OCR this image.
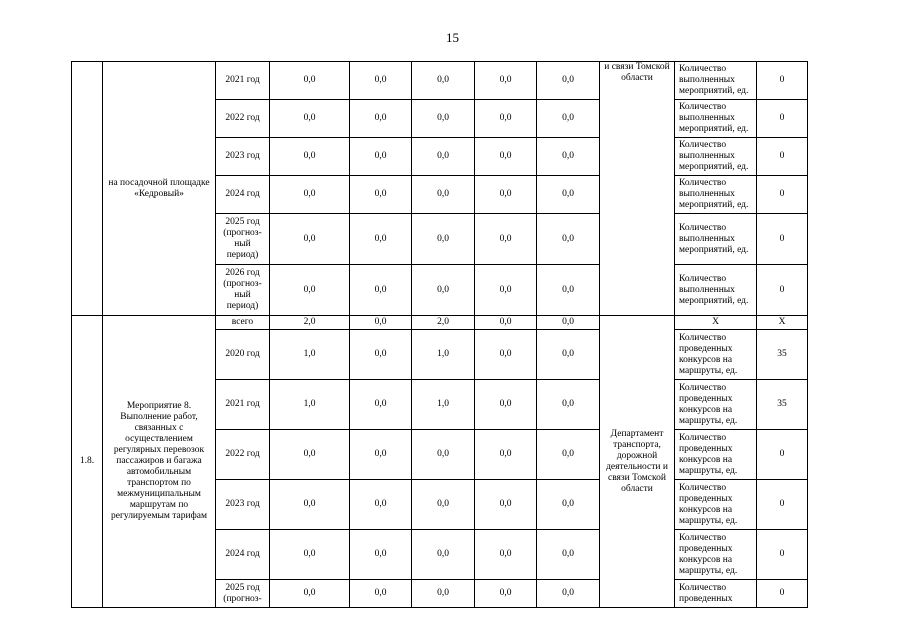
15
	на посадочной площадке «Кедровый»	2021 год	0,0	0,0	0,0	0,0	0,0	и связи Томской области	Количество выполненных мероприятий, ед.	0
		2022 год	0,0	0,0	0,0	0,0	0,0		Количество выполненных мероприятий, ед.	0
		2023 год	0,0	0,0	0,0	0,0	0,0		Количество выполненных мероприятий, ед.	0
		2024 год	0,0	0,0	0,0	0,0	0,0		Количество выполненных мероприятий, ед.	0
		2025 год (прогноз- ный период)	0,0	0,0	0,0	0,0	0,0		Количество выполненных мероприятий, ед.	0
		2026 год (прогноз- ный период)	0,0	0,0	0,0	0,0	0,0		Количество выполненных мероприятий, ед.	0
1.8.	Мероприятие 8. Выполнение работ, связанных с осуществлением регулярных перевозок пассажиров и багажа автомобильным транспортом по межмуниципальным маршрутам по регулируемым тарифам	всего	2,0	0,0	2,0	0,0	0,0	Департамент транспорта, дорожной деятельности и связи Томской области	X	X
		2020 год	1,0	0,0	1,0	0,0	0,0		Количество проведенных конкурсов на маршруты, ед.	35
		2021 год	1,0	0,0	1,0	0,0	0,0		Количество проведенных конкурсов на маршруты, ед.	35
		2022 год	0,0	0,0	0,0	0,0	0,0		Количество проведенных конкурсов на маршруты, ед.	0
		2023 год	0,0	0,0	0,0	0,0	0,0		Количество проведенных конкурсов на маршруты, ед.	0
		2024 год	0,0	0,0	0,0	0,0	0,0		Количество проведенных конкурсов на маршруты, ед.	0
		2025 год (прогноз-	0,0	0,0	0,0	0,0	0,0		Количество проведенных	0
